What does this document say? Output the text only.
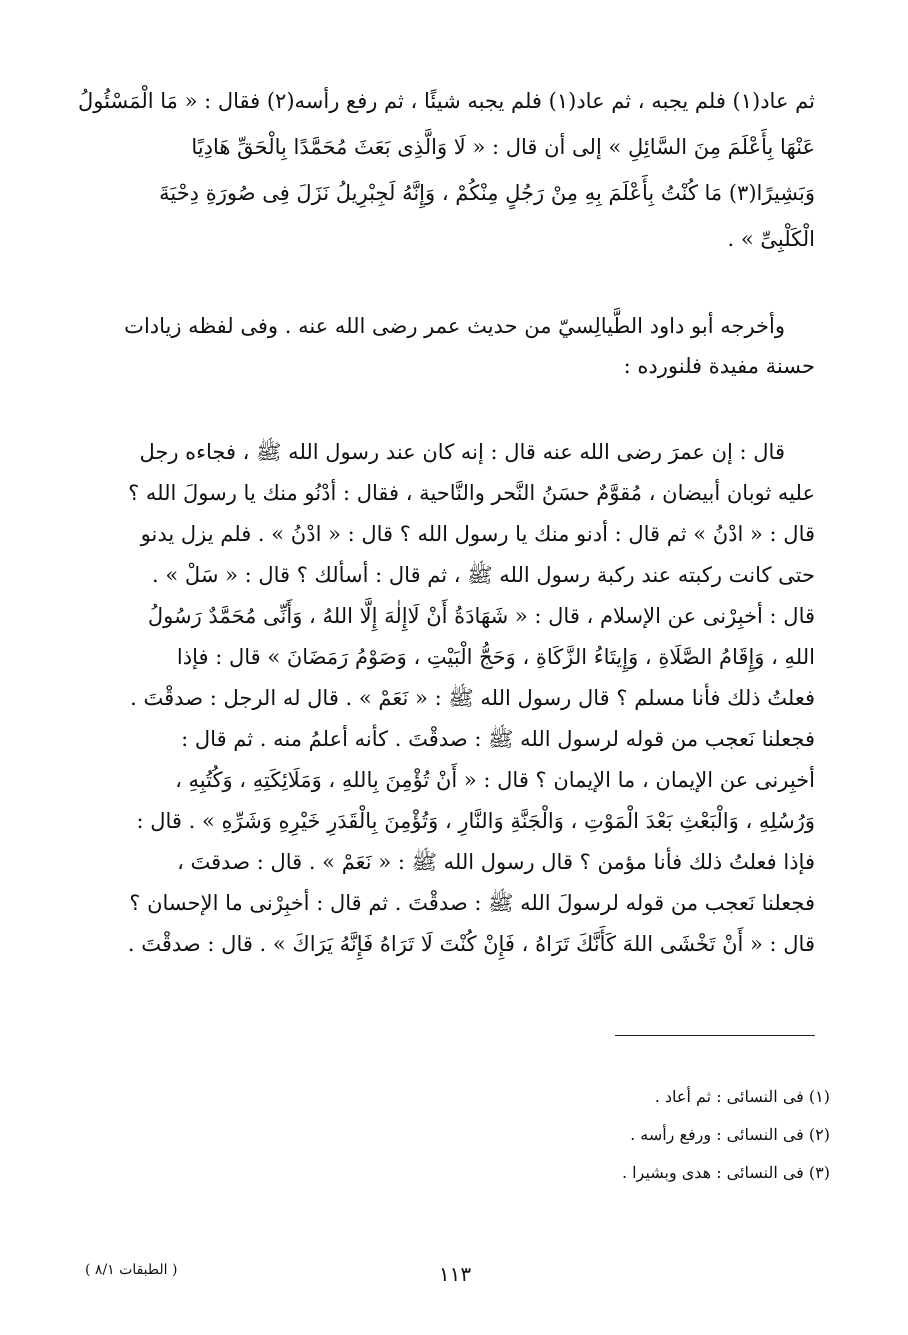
ثم عاد(١) فلم يجبه ، ثم عاد(١) فلم يجبه شيئًا ، ثم رفع رأسه(٢) فقال : « مَا الْمَسْئُولُ
عَنْهَا بِأَعْلَمَ مِنَ السَّائِلِ » إلى أن قال : « لَا وَالَّذِى بَعَثَ مُحَمَّدًا بِالْحَقِّ هَادِيًا
وَبَشِيرًا(٣) مَا كُنْتُ بِأَعْلَمَ بِهِ مِنْ رَجُلٍ مِنْكُمْ ، وَإِنَّهُ لَجِبْرِيلُ نَزَلَ فِى صُورَةِ دِحْيَةَ
الْكَلْبِىِّ » .
وأخرجه أبو داود الطَّيالِسيّ من حديث عمر رضى الله عنه . وفى لفظه زيادات
حسنة مفيدة فلنورده :
قال : إن عمرَ رضى الله عنه قال : إنه كان عند رسول الله ﷺ ، فجاءه رجل
عليه ثوبان أبيضان ، مُقوَّمٌ حسَنُ النَّحر والنَّاحية ، فقال : أدْنُو منك يا رسولَ الله ؟
قال : « ادْنُ » ثم قال : أدنو منك يا رسول الله ؟ قال : « ادْنُ » . فلم يزل يدنو
حتى كانت ركبته عند ركبة رسول الله ﷺ ، ثم قال : أسألك ؟ قال : « سَلْ » .
قال : أخبِرْنى عن الإسلام ، قال : « شَهَادَةُ أَنْ لَاإِلٰهَ إِلَّا اللهُ ، وَأَنِّى مُحَمَّدٌ رَسُولُ
اللهِ ، وَإِقَامُ الصَّلَاةِ ، وَإِيتَاءُ الزَّكَاةِ ، وَحَجُّ الْبَيْتِ ، وَصَوْمُ رَمَضَانَ » قال : فإذا
فعلتُ ذلك فأنا مسلم ؟ قال رسول الله ﷺ : « نَعَمْ » . قال له الرجل : صدقْتَ .
فجعلنا نَعجب من قوله لرسول الله ﷺ : صدقْتَ . كأنه أعلمُ منه . ثم قال :
أخبِرنى عن الإيمان ، ما الإيمان ؟ قال : « أَنْ تُؤْمِنَ بِاللهِ ، وَمَلَائِكَتِهِ ، وَكُتُبِهِ ،
وَرُسُلِهِ ، وَالْبَعْثِ بَعْدَ الْمَوْتِ ، وَالْجَنَّةِ وَالنَّارِ ، وَتُؤْمِنَ بِالْقَدَرِ خَيْرِهِ وَشَرِّهِ » . قال :
فإذا فعلتُ ذلك فأنا مؤمن ؟ قال رسول الله ﷺ : « نَعَمْ » . قال : صدقتَ ،
فجعلنا نَعجب من قوله لرسولَ الله ﷺ : صدقْتَ . ثم قال : أخبِرْنى ما الإحسان ؟
قال : « أَنْ تَخْشَى اللهَ كَأَنَّكَ تَرَاهُ ، فَإِنْ كُنْتَ لَا تَرَاهُ فَإِنَّهُ يَرَاكَ » . قال : صدقْتَ .
(١) فى النسائى : ثم أعاد .
(٢) فى النسائى : ورفع رأسه .
(٣) فى النسائى : هدى وبشيرا .
١١٣
( الطبقات ٨/١ )
